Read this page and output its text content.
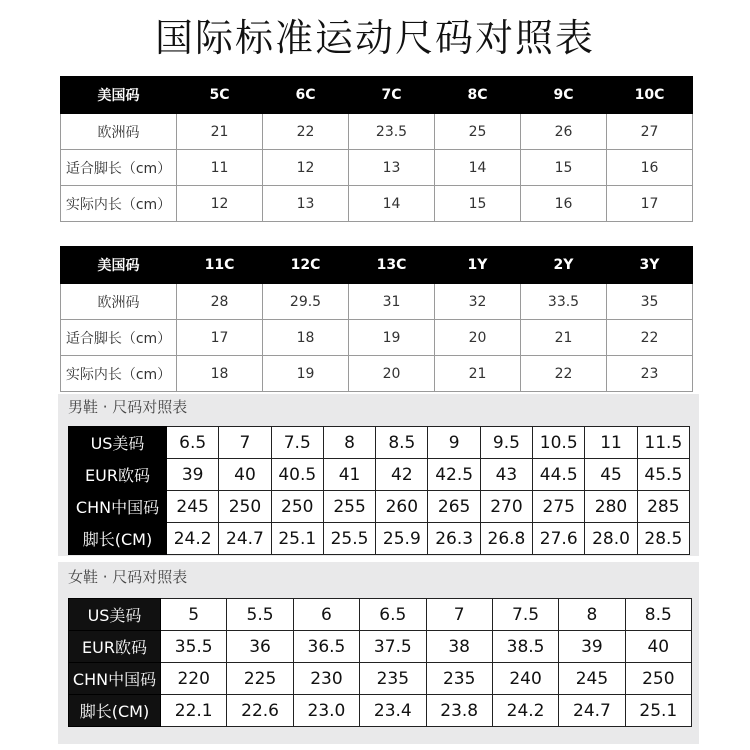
国际标准运动尺码对照表
美国码	5C	6C	7C	8C	9C	10C
欧洲码	21	22	23.5	25	26	27
适合脚长（cm）	11	12	13	14	15	16
实际内长（cm）	12	13	14	15	16	17
美国码	11C	12C	13C	1Y	2Y	3Y
欧洲码	28	29.5	31	32	33.5	35
适合脚长（cm）	17	18	19	20	21	22
实际内长（cm）	18	19	20	21	22	23
男鞋 · 尺码对照表
US美码	6.5	7	7.5	8	8.5	9	9.5	10.5	11	11.5
EUR欧码	39	40	40.5	41	42	42.5	43	44.5	45	45.5
CHN中国码	245	250	250	255	260	265	270	275	280	285
脚长(CM)	24.2	24.7	25.1	25.5	25.9	26.3	26.8	27.6	28.0	28.5
女鞋 · 尺码对照表
US美码	5	5.5	6	6.5	7	7.5	8	8.5
EUR欧码	35.5	36	36.5	37.5	38	38.5	39	40
CHN中国码	220	225	230	235	235	240	245	250
脚长(CM)	22.1	22.6	23.0	23.4	23.8	24.2	24.7	25.1
